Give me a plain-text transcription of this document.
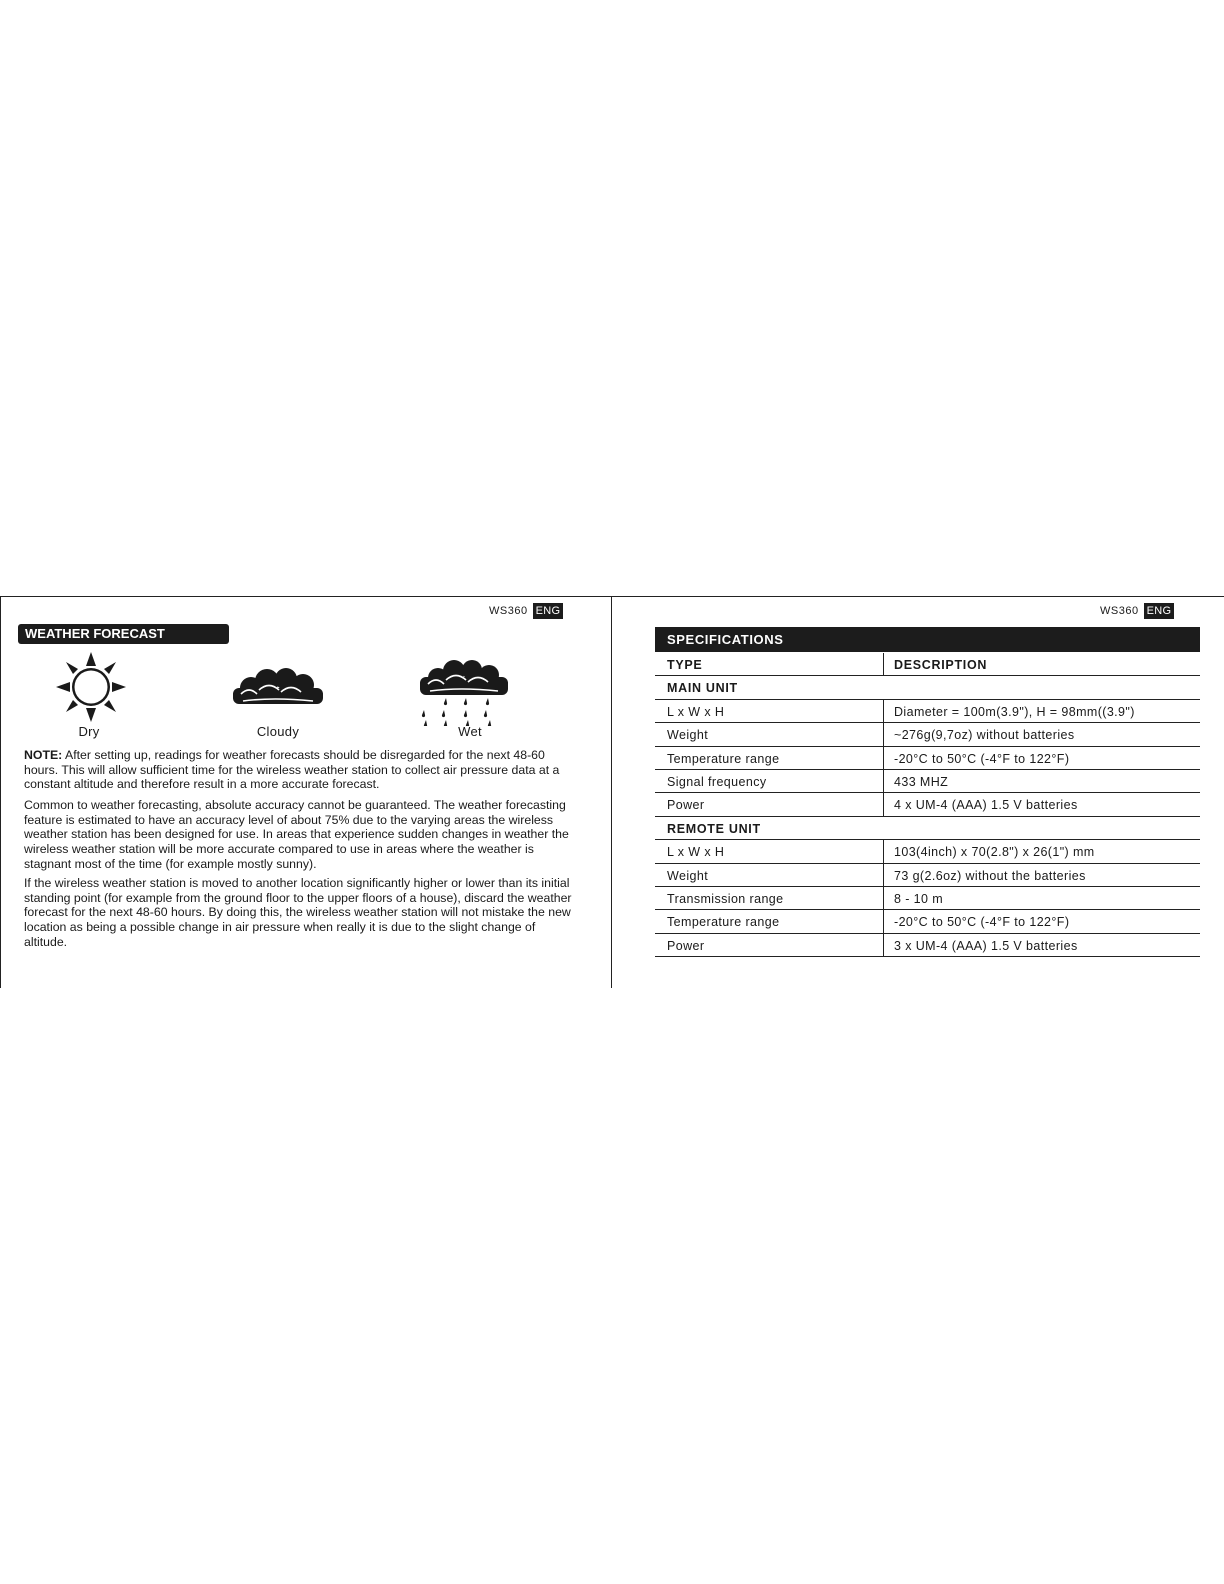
WS360 ENG
WEATHER FORECAST
Dry	Cloudy	Wet

NOTE: After setting up, readings for weather forecasts should be disregarded for the next 48-60 hours. This will allow sufficient time for the wireless weather station to collect air pressure data at a constant altitude and therefore result in a more accurate forecast.

Common to weather forecasting, absolute accuracy cannot be guaranteed. The weather forecasting feature is estimated to have an accuracy level of about 75% due to the varying areas the wireless weather station has been designed for use. In areas that experience sudden changes in weather the wireless weather station will be more accurate compared to use in areas where the weather is stagnant most of the time (for example mostly sunny).

If the wireless weather station is moved to another location significantly higher or lower than its initial standing point (for example from the ground floor to the upper floors of a house), discard the weather forecast for the next 48-60 hours. By doing this, the wireless weather station will not mistake the new location as being a possible change in air pressure when really it is due to the slight change of altitude.

WS360 ENG
SPECIFICATIONS
TYPE	DESCRIPTION
MAIN UNIT
L x W x H	Diameter = 100m(3.9"), H = 98mm((3.9")
Weight	~276g(9,7oz) without batteries
Temperature range	-20°C to 50°C (-4°F to 122°F)
Signal frequency	433 MHZ
Power	4 x UM-4 (AAA) 1.5 V batteries
REMOTE UNIT
L x W x H	103(4inch) x 70(2.8") x 26(1") mm
Weight	73 g(2.6oz) without the batteries
Transmission range	8 - 10 m
Temperature range	-20°C to 50°C (-4°F to 122°F)
Power	3 x UM-4 (AAA) 1.5 V batteries
